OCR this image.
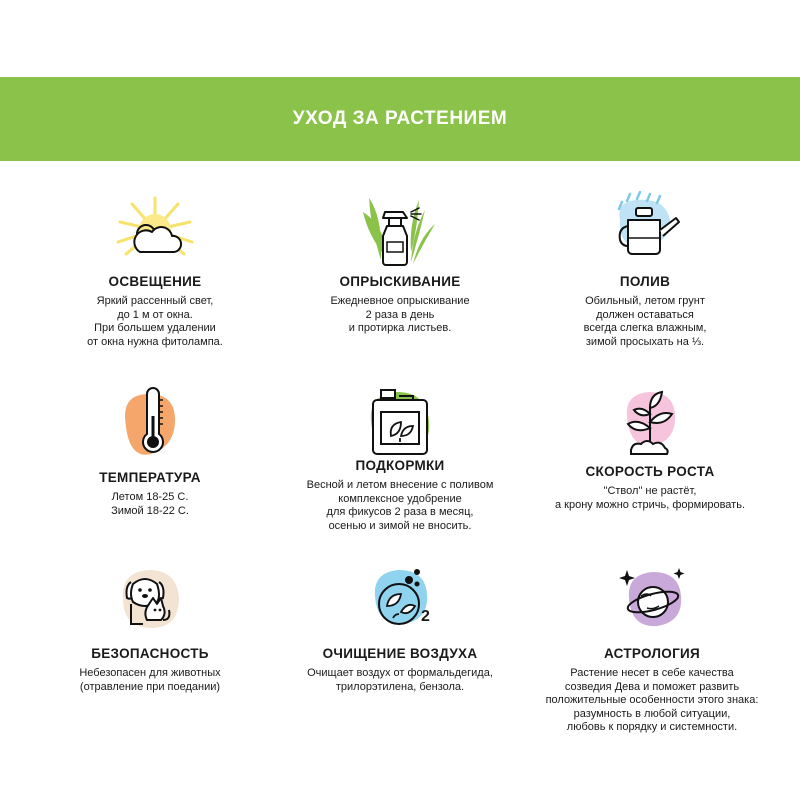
УХОД ЗА РАСТЕНИЕМ
ОСВЕЩЕНИЕ
Яркий рассенный свет,
до 1 м от окна.
При большем удалении
от окна нужна фитолампа.
ОПРЫСКИВАНИЕ
Ежедневное опрыскивание
2 раза в день
и протирка листьев.
ПОЛИВ
Обильный, летом грунт
должен оставаться
всегда слегка влажным,
зимой просыхать на ⅓.
ТЕМПЕРАТУРА
Летом 18-25 С.
Зимой 18-22 С.
ПОДКОРМКИ
Весной и летом внесение с поливом
комплексное удобрение
для фикусов 2 раза в месяц,
осенью и зимой не вносить.
СКОРОСТЬ РОСТА
"Ствол" не растёт,
а крону можно стричь, формировать.
БЕЗОПАСНОСТЬ
Небезопасен для животных
(отравление при поедании)
2
ОЧИЩЕНИЕ ВОЗДУХА
Очищает воздух от формальдегида,
трилорэтилена, бензола.
АСТРОЛОГИЯ
Растение несет в себе качества
созведия Дева и поможет развить
положительные особенности этого знака:
разумность в любой ситуации,
любовь к порядку и системности.
